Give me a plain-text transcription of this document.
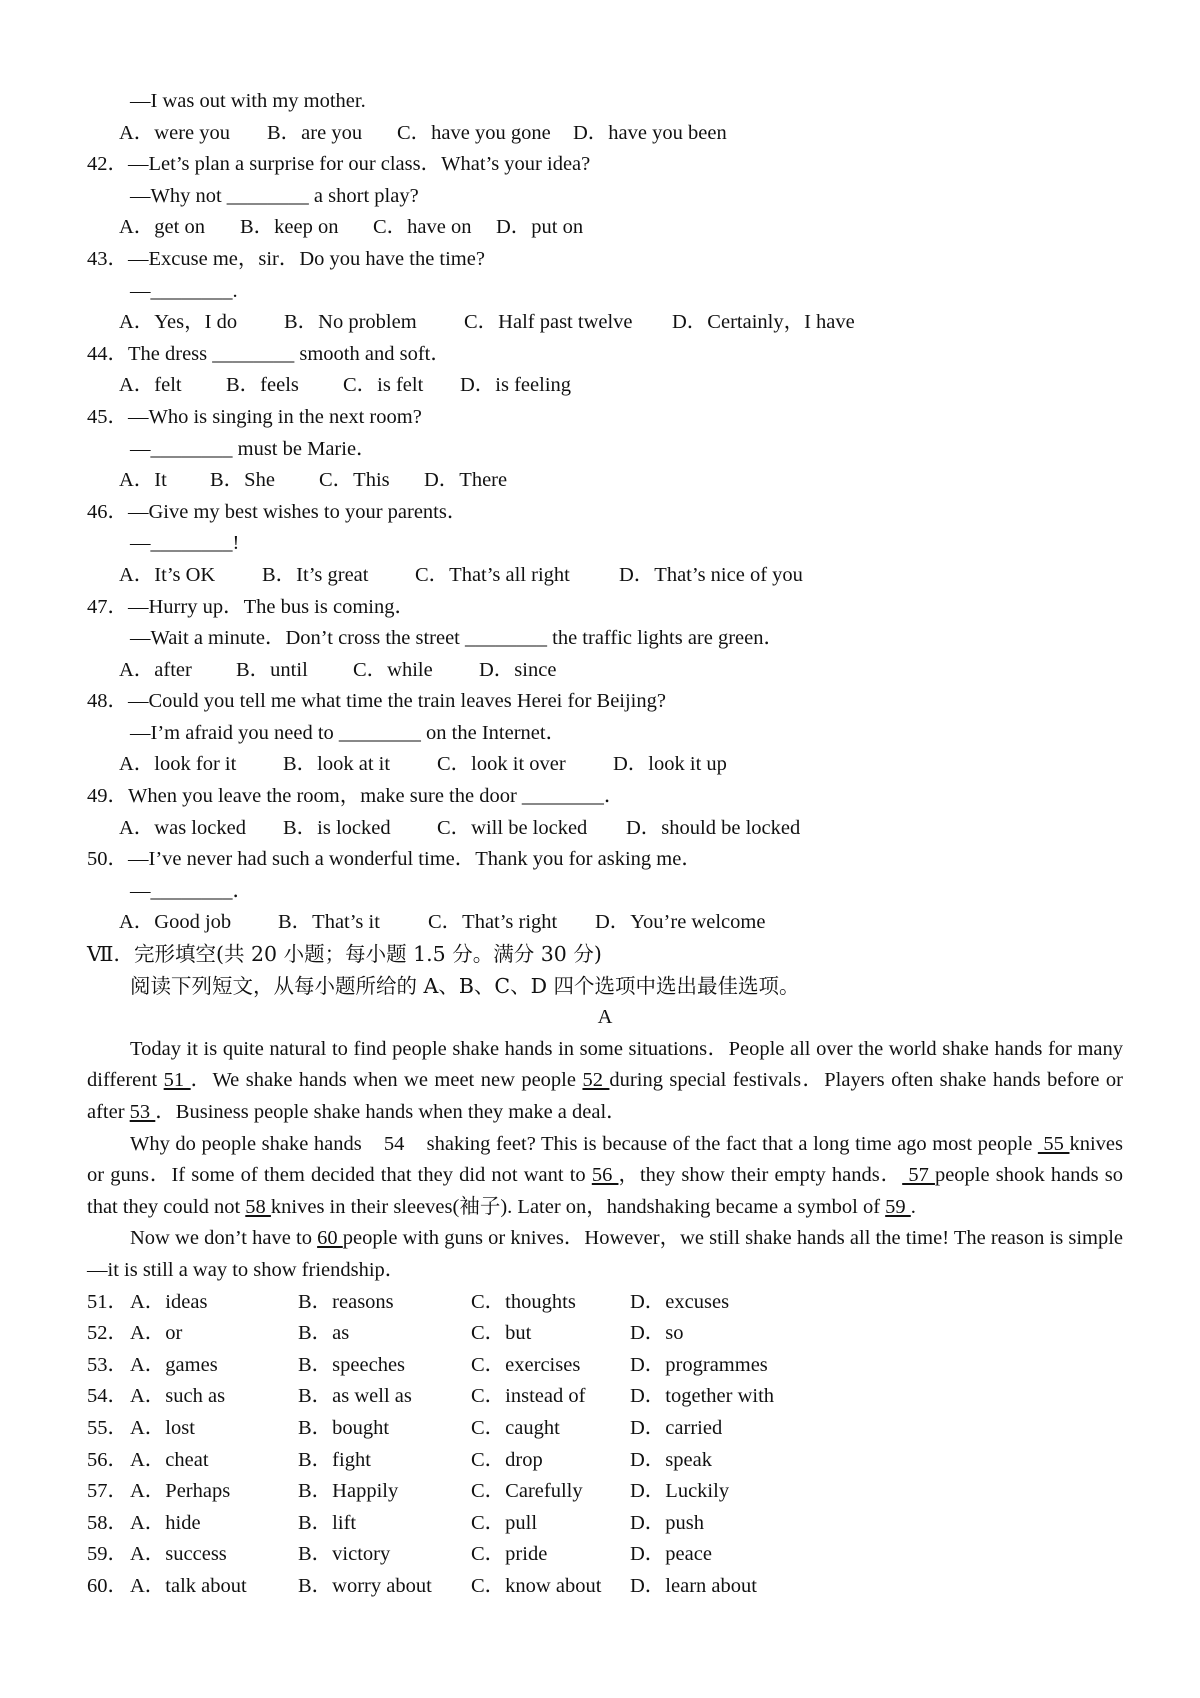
—I was out with my mother.
A．were you B．are you C．have you gone D．have you been
42．—Let’s plan a surprise for our class．What’s your idea?
—Why not ________ a short play?
A．get on B．keep on C．have on D．put on
43．—Excuse me，sir．Do you have the time?
—________.
A．Yes，I do B．No problem C．Half past twelve D．Certainly，I have
44．The dress ________ smooth and soft．
A．felt B．feels C．is felt D．is feeling
45．—Who is singing in the next room?
—________ must be Marie．
A．It B．She C．This D．There
46．—Give my best wishes to your parents．
—________!
A．It’s OK B．It’s great C．That’s all right D．That’s nice of you
47．—Hurry up．The bus is coming．
—Wait a minute．Don’t cross the street ________ the traffic lights are green．
A．after B．until C．while D．since
48．—Could you tell me what time the train leaves Herei for Beijing?
—I’m afraid you need to ________ on the Internet．
A．look for it B．look at it C．look it over D．look it up
49．When you leave the room，make sure the door ________．
A．was locked B．is locked C．will be locked D．should be locked
50．—I’ve never had such a wonderful time．Thank you for asking me．
—________．
A．Good job B．That’s it C．That’s right D．You’re welcome
Ⅶ．完形填空(共 20 小题；每小题 1.5 分。满分 30 分)
阅读下列短文，从每小题所给的 A、B、C、D 四个选项中选出最佳选项。
A
Today it is quite natural to find people shake hands in some situations．People all over the world shake hands for many different 51 ．We shake hands when we meet new people 52 during special festivals．Players often shake hands before or after 53 ．Business people shake hands when they make a deal．
Why do people shake hands    54    shaking feet? This is because of the fact that a long time ago most people  55 knives or guns．If some of them decided that they did not want to 56 ，they show their empty hands． 57 people shook hands so that they could not 58 knives in their sleeves(袖子). Later on，handshaking became a symbol of 59 .
Now we don’t have to 60 people with guns or knives．However，we still shake hands all the time! The reason is simple—it is still a way to show friendship．
51． A．ideas	B．reasons	C．thoughts	D．excuses
52． A．or	B．as	C．but	D．so
53． A．games	B．speeches	C．exercises	D．programmes
54． A．such as	B．as well as	C．instead of	D．together with
55． A．lost	B．bought	C．caught	D．carried
56． A．cheat	B．fight	C．drop	D．speak
57． A．Perhaps	B．Happily	C．Carefully	D．Luckily
58． A．hide	B．lift	C．pull	D．push
59． A．success	B．victory	C．pride	D．peace
60． A．talk about	B．worry about	C．know about	D．learn about
